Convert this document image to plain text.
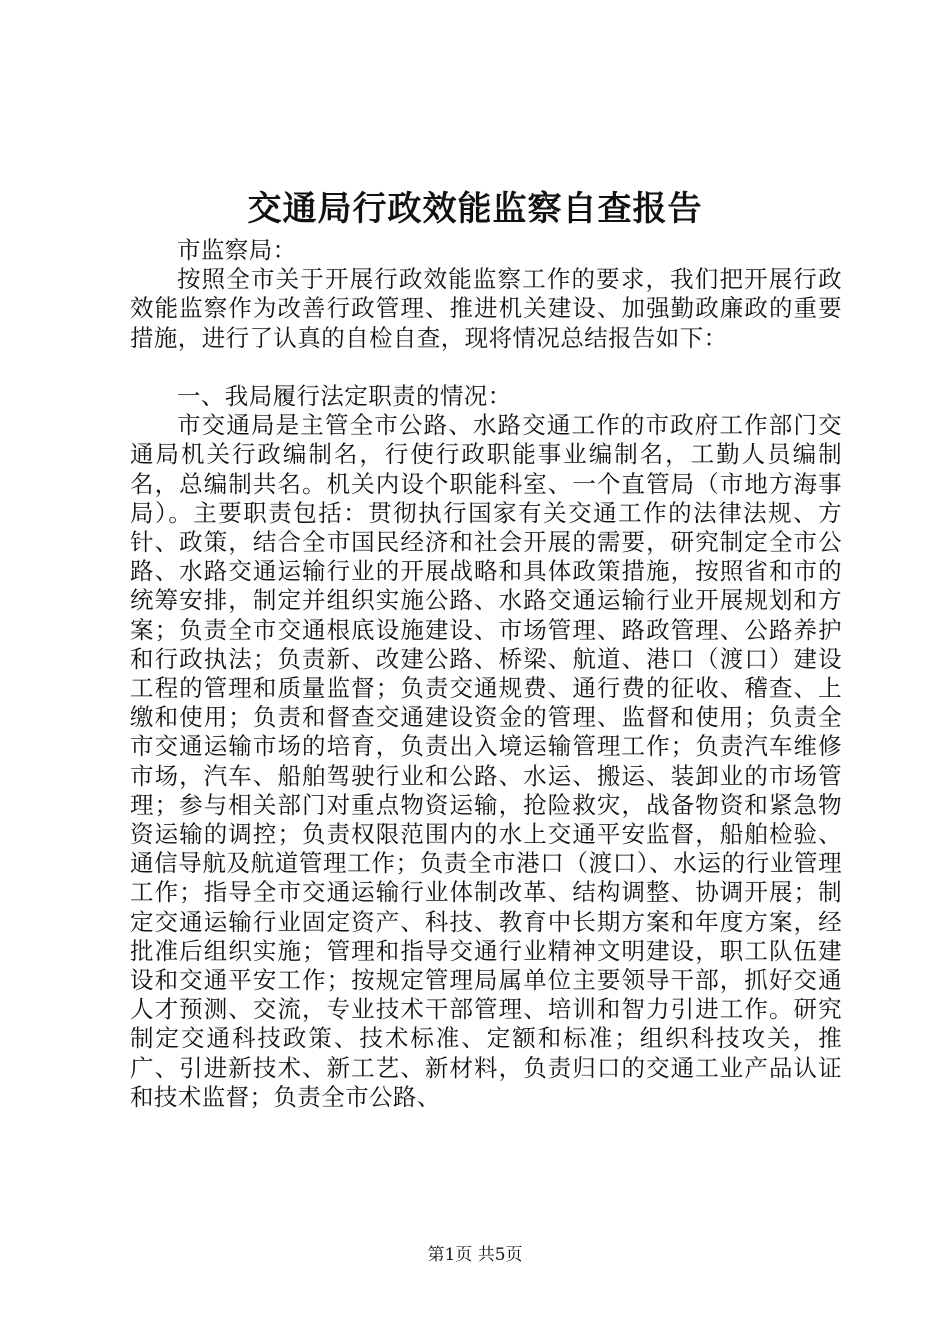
交通局行政效能监察自查报告

市监察局：

按照全市关于开展行政效能监察工作的要求，我们把开展行政效能监察作为改善行政管理、推进机关建设、加强勤政廉政的重要措施，进行了认真的自检自查，现将情况总结报告如下：

一、我局履行法定职责的情况：

市交通局是主管全市公路、水路交通工作的市政府工作部门交通局机关行政编制名，行使行政职能事业编制名，工勤人员编制名，总编制共名。机关内设个职能科室、一个直管局（市地方海事局）。主要职责包括：贯彻执行国家有关交通工作的法律法规、方针、政策，结合全市国民经济和社会开展的需要，研究制定全市公路、水路交通运输行业的开展战略和具体政策措施，按照省和市的统筹安排，制定并组织实施公路、水路交通运输行业开展规划和方案；负责全市交通根底设施建设、市场管理、路政管理、公路养护和行政执法；负责新、改建公路、桥梁、航道、港口（渡口）建设工程的管理和质量监督；负责交通规费、通行费的征收、稽查、上缴和使用；负责和督查交通建设资金的管理、监督和使用；负责全市交通运输市场的培育，负责出入境运输管理工作；负责汽车维修市场，汽车、船舶驾驶行业和公路、水运、搬运、装卸业的市场管理；参与相关部门对重点物资运输，抢险救灾，战备物资和紧急物资运输的调控；负责权限范围内的水上交通平安监督，船舶检验、通信导航及航道管理工作；负责全市港口（渡口）、水运的行业管理工作；指导全市交通运输行业体制改革、结构调整、协调开展；制定交通运输行业固定资产、科技、教育中长期方案和年度方案，经批准后组织实施；管理和指导交通行业精神文明建设，职工队伍建设和交通平安工作；按规定管理局属单位主要领导干部，抓好交通人才预测、交流，专业技术干部管理、培训和智力引进工作。研究制定交通科技政策、技术标准、定额和标准；组织科技攻关，推广、引进新技术、新工艺、新材料，负责归口的交通工业产品认证和技术监督；负责全市公路、

第1页 共5页
